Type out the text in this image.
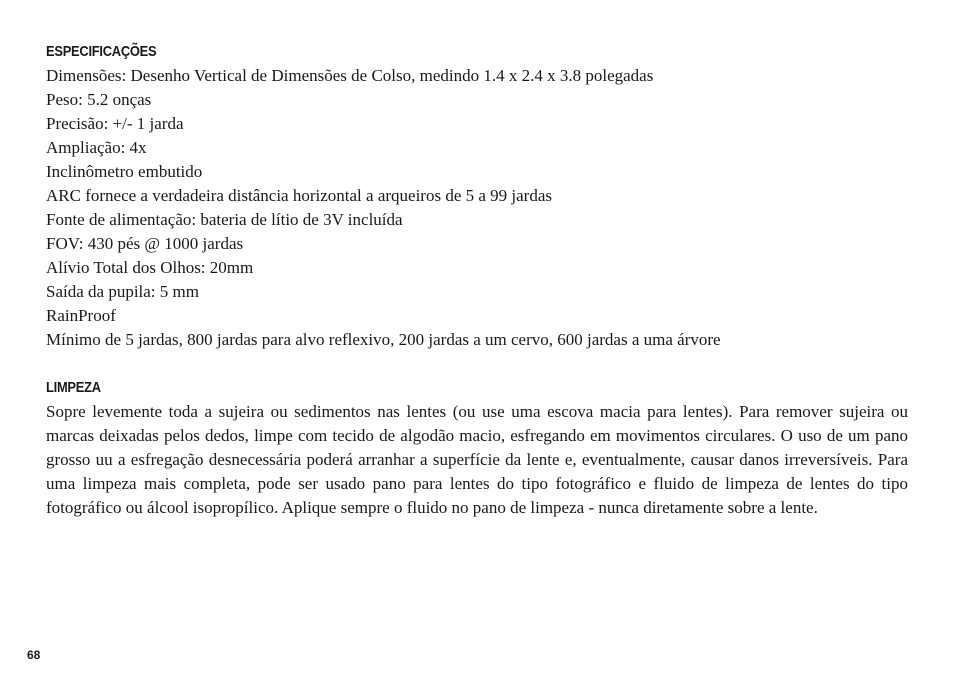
ESPECIFICAÇÕES
Dimensões: Desenho Vertical de Dimensões de Colso, medindo 1.4 x 2.4 x 3.8 polegadas
Peso: 5.2 onças
Precisão: +/- 1 jarda
Ampliação: 4x
Inclinômetro embutido
ARC fornece a verdadeira distância horizontal a arqueiros de 5 a 99 jardas
Fonte de alimentação: bateria de lítio de 3V incluída
FOV: 430 pés @ 1000 jardas
Alívio Total dos Olhos: 20mm
Saída da pupila: 5 mm
RainProof
Mínimo de 5 jardas, 800 jardas para alvo reflexivo, 200 jardas a um cervo, 600 jardas a uma árvore
LIMPEZA

Sopre levemente toda a sujeira ou sedimentos nas lentes (ou use uma escova macia para lentes). Para remover sujeira ou marcas deixadas pelos dedos, limpe com tecido de algodão macio, esfregando em movimentos circulares. O uso de um pano grosso uu a esfregação desnecessária poderá arranhar a superfície da lente e, eventualmente, causar danos irreversíveis. Para uma limpeza mais completa, pode ser usado pano para lentes do tipo fotográfico e fluido de limpeza de lentes do tipo fotográfico ou álcool isopropílico. Aplique sempre o fluido no pano de limpeza - nunca diretamente sobre a lente.

68
